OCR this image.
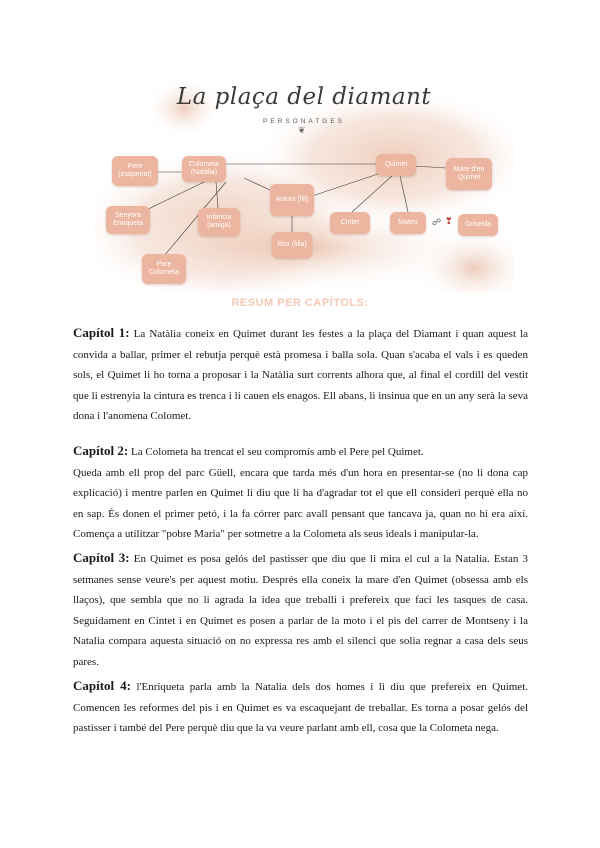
La plaça del diamant
PERSONATGES
❦
Pere (esquenat)
Colometa (Natàlia)
Quimet
Mare d'en Quimet
Senyora Enriqueta
Infància (amiga)
Antoni (fill)
Rita (filla)
Cintet	Mateu
Pare Colometa
Griselda
☍ ❣
RESUM PER CAPÍTOLS:

Capítol 1: La Natàlia coneix en Quimet durant les festes a la plaça del Diamant i quan aquest la convida a ballar, primer el rebutja perquè està promesa i balla sola. Quan s'acaba el vals i es queden sols, el Quimet li ho torna a proposar i la Natàlia surt corrents alhora que, al final el cordill del vestit que li estrenyia la cintura es trenca i li cauen els enagos. Ell abans, li insinua que en un any serà la seva dona i l'anomena Colomet.

Capítol 2: La Colometa ha trencat el seu compromís amb el Pere pel Quimet.
Queda amb ell prop del parc Güell, encara que tarda més d'un hora en presentar-se (no li dona cap explicació) i mentre parlen en Quimet li diu que li ha d'agradar tot el que ell consideri perquè ella no en sap. És donen el primer petó, i la fa córrer parc avall pensant que tancava ja, quan no hi era així. Comença a utilitzar "pobre Maria" per sotmetre a la Colometa als seus ideals i manipular-la.

Capítol 3: En Quimet es posa gelós del pastisser que diu que li mira el cul a la Natalia. Estan 3 setmanes sense veure's per aquest motiu. Després ella coneix la mare d'en Quimet (obsessa amb els llaços), que sembla que no li agrada la idea que treballi i prefereix que faci les tasques de casa. Seguidament en Cintet i en Quimet es posen a parlar de la moto i el pis del carrer de Montseny i la Natalia compara aquesta situació on no expressa res amb el silenci que solia regnar a casa dels seus pares.

Capítol 4: l'Enriqueta parla amb la Natalia dels dos homes i li diu que prefereix en Quimet. Comencen les reformes del pis i en Quimet es va escaquejant de treballar. Es torna a posar gelós del pastisser i també del Pere perquè diu que la va veure parlant amb ell, cosa que la Colometa nega.
